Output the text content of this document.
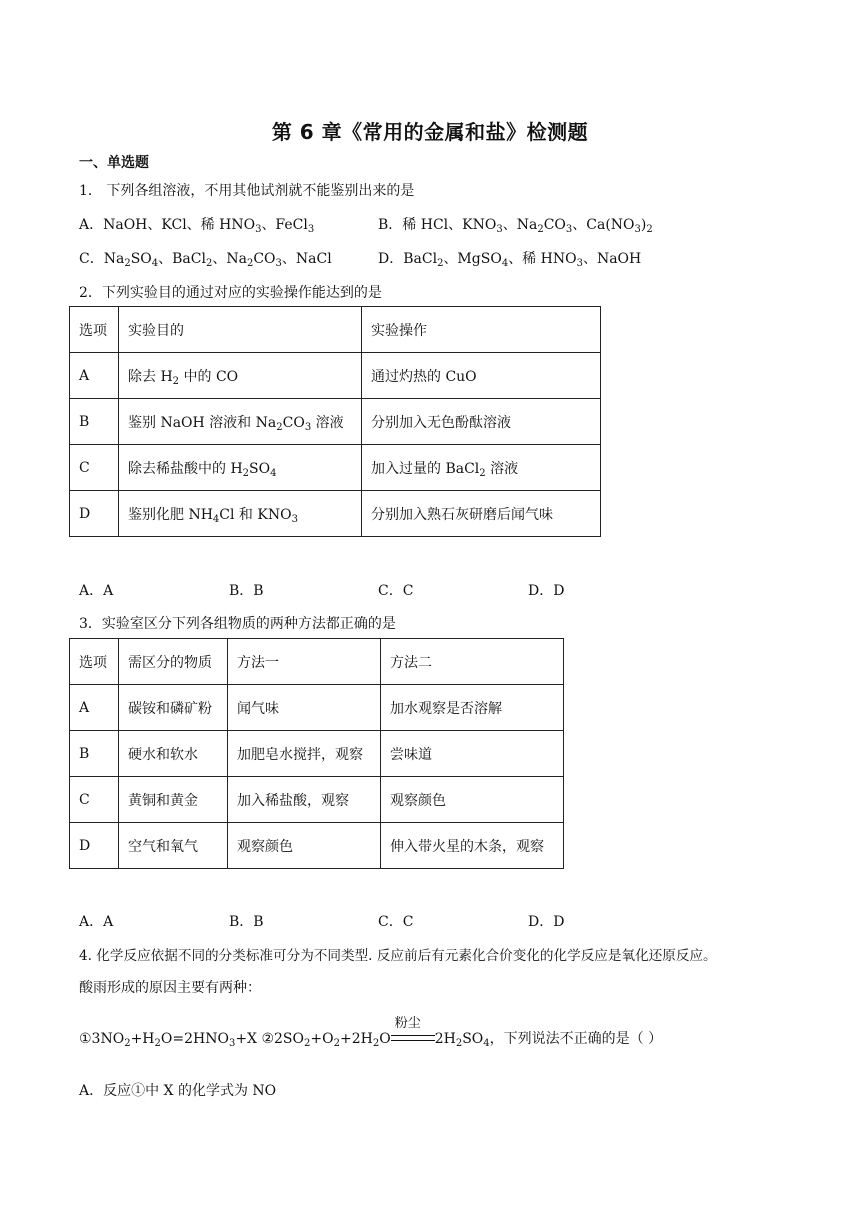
第 6 章《常用的金属和盐》检测题
一、单选题
1． 下列各组溶液，不用其他试剂就不能鉴别出来的是
A．NaOH、KCl、稀 $HNO_3$、FeCl$_3$	B．稀 HCl、$KNO_3$、$Na_2CO_3$、$Ca(NO_3)_2$
C．$Na_2SO_4$、BaCl$_2$、$Na_2CO_3$、NaCl	D．BaCl$_2$、MgSO$_4$、稀 $HNO_3$、NaOH
2．下列实验目的通过对应的实验操作能达到的是
选项	实验目的	实验操作
A	除去 $H_2$ 中的 CO	通过灼热的 CuO
B	鉴别 NaOH 溶液和 $Na_2CO_3$ 溶液	分别加入无色酚酞溶液
C	除去稀盐酸中的 $H_2SO_4$	加入过量的 BaCl$_2$ 溶液
D	鉴别化肥 $NH_4Cl$ 和 $KNO_3$	分别加入熟石灰研磨后闻气味
A．A	B．B	C．C	D．D
3．实验室区分下列各组物质的两种方法都正确的是
选项	需区分的物质	方法一	方法二
A	碳铵和磷矿粉	闻气味	加水观察是否溶解
B	硬水和软水	加肥皂水搅拌，观察	尝味道
C	黄铜和黄金	加入稀盐酸，观察	观察颜色
D	空气和氧气	观察颜色	伸入带火星的木条，观察
A．A	B．B	C．C	D．D
4. 化学反应依据不同的分类标准可分为不同类型. 反应前后有元素化合价变化的化学反应是氧化还原反应。
酸雨形成的原因主要有两种：
$①3NO_2+H_2O=2HNO_3+X$ $②2SO_2+O_2+2H_2O$
粉尘
$2H_2SO_4$，下列说法不正确的是（ ）
A．反应①中 X 的化学式为 NO
